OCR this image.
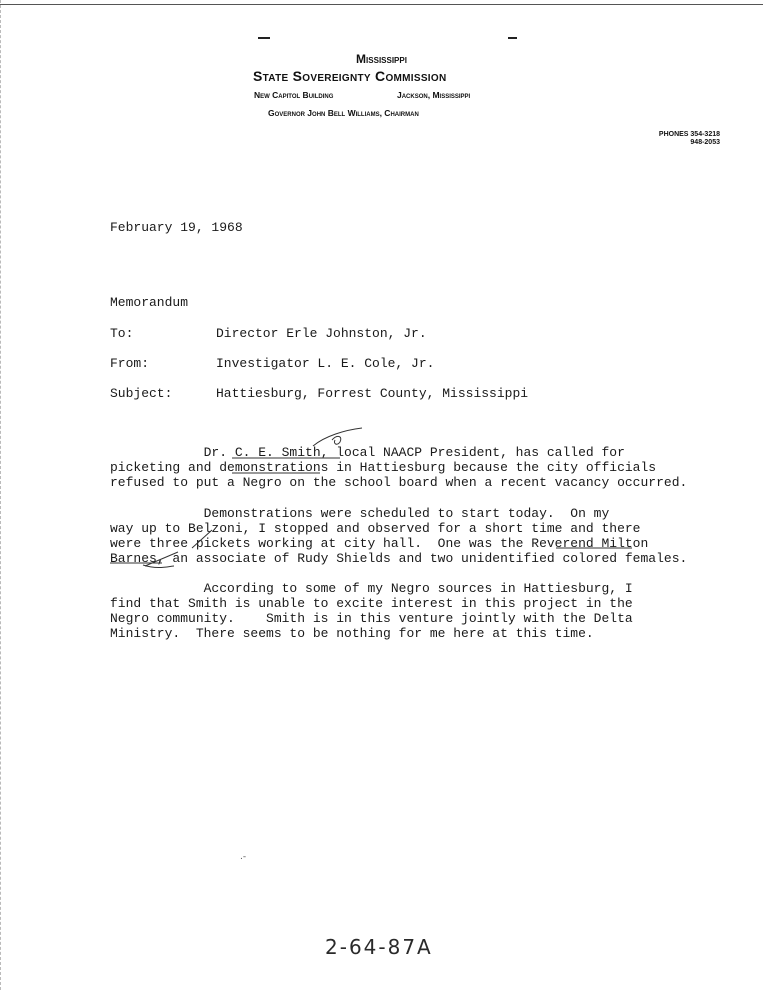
Mississippi
State Sovereignty Commission
New Capitol Building	Jackson, Mississippi
Governor John Bell Williams, Chairman
PHONES 354-3218
948-2053
February 19, 1968
Memorandum
To:	Director Erle Johnston, Jr.
From:	Investigator L. E. Cole, Jr.
Subject:	Hattiesburg, Forrest County, Mississippi
Dr. C. E. Smith, local NAACP President, has called for
picketing and demonstrations in Hattiesburg because the city officials
refused to put a Negro on the school board when a recent vacancy occurred.
Demonstrations were scheduled to start today.  On my
way up to Belzoni, I stopped and observed for a short time and there
were three pickets working at city hall.  One was the Reverend Milton
Barnes, an associate of Rudy Shields and two unidentified colored females.
According to some of my Negro sources in Hattiesburg, I
find that Smith is unable to excite interest in this project in the
Negro community.    Smith is in this venture jointly with the Delta
Ministry.  There seems to be nothing for me here at this time.
.-
2-64-87A
